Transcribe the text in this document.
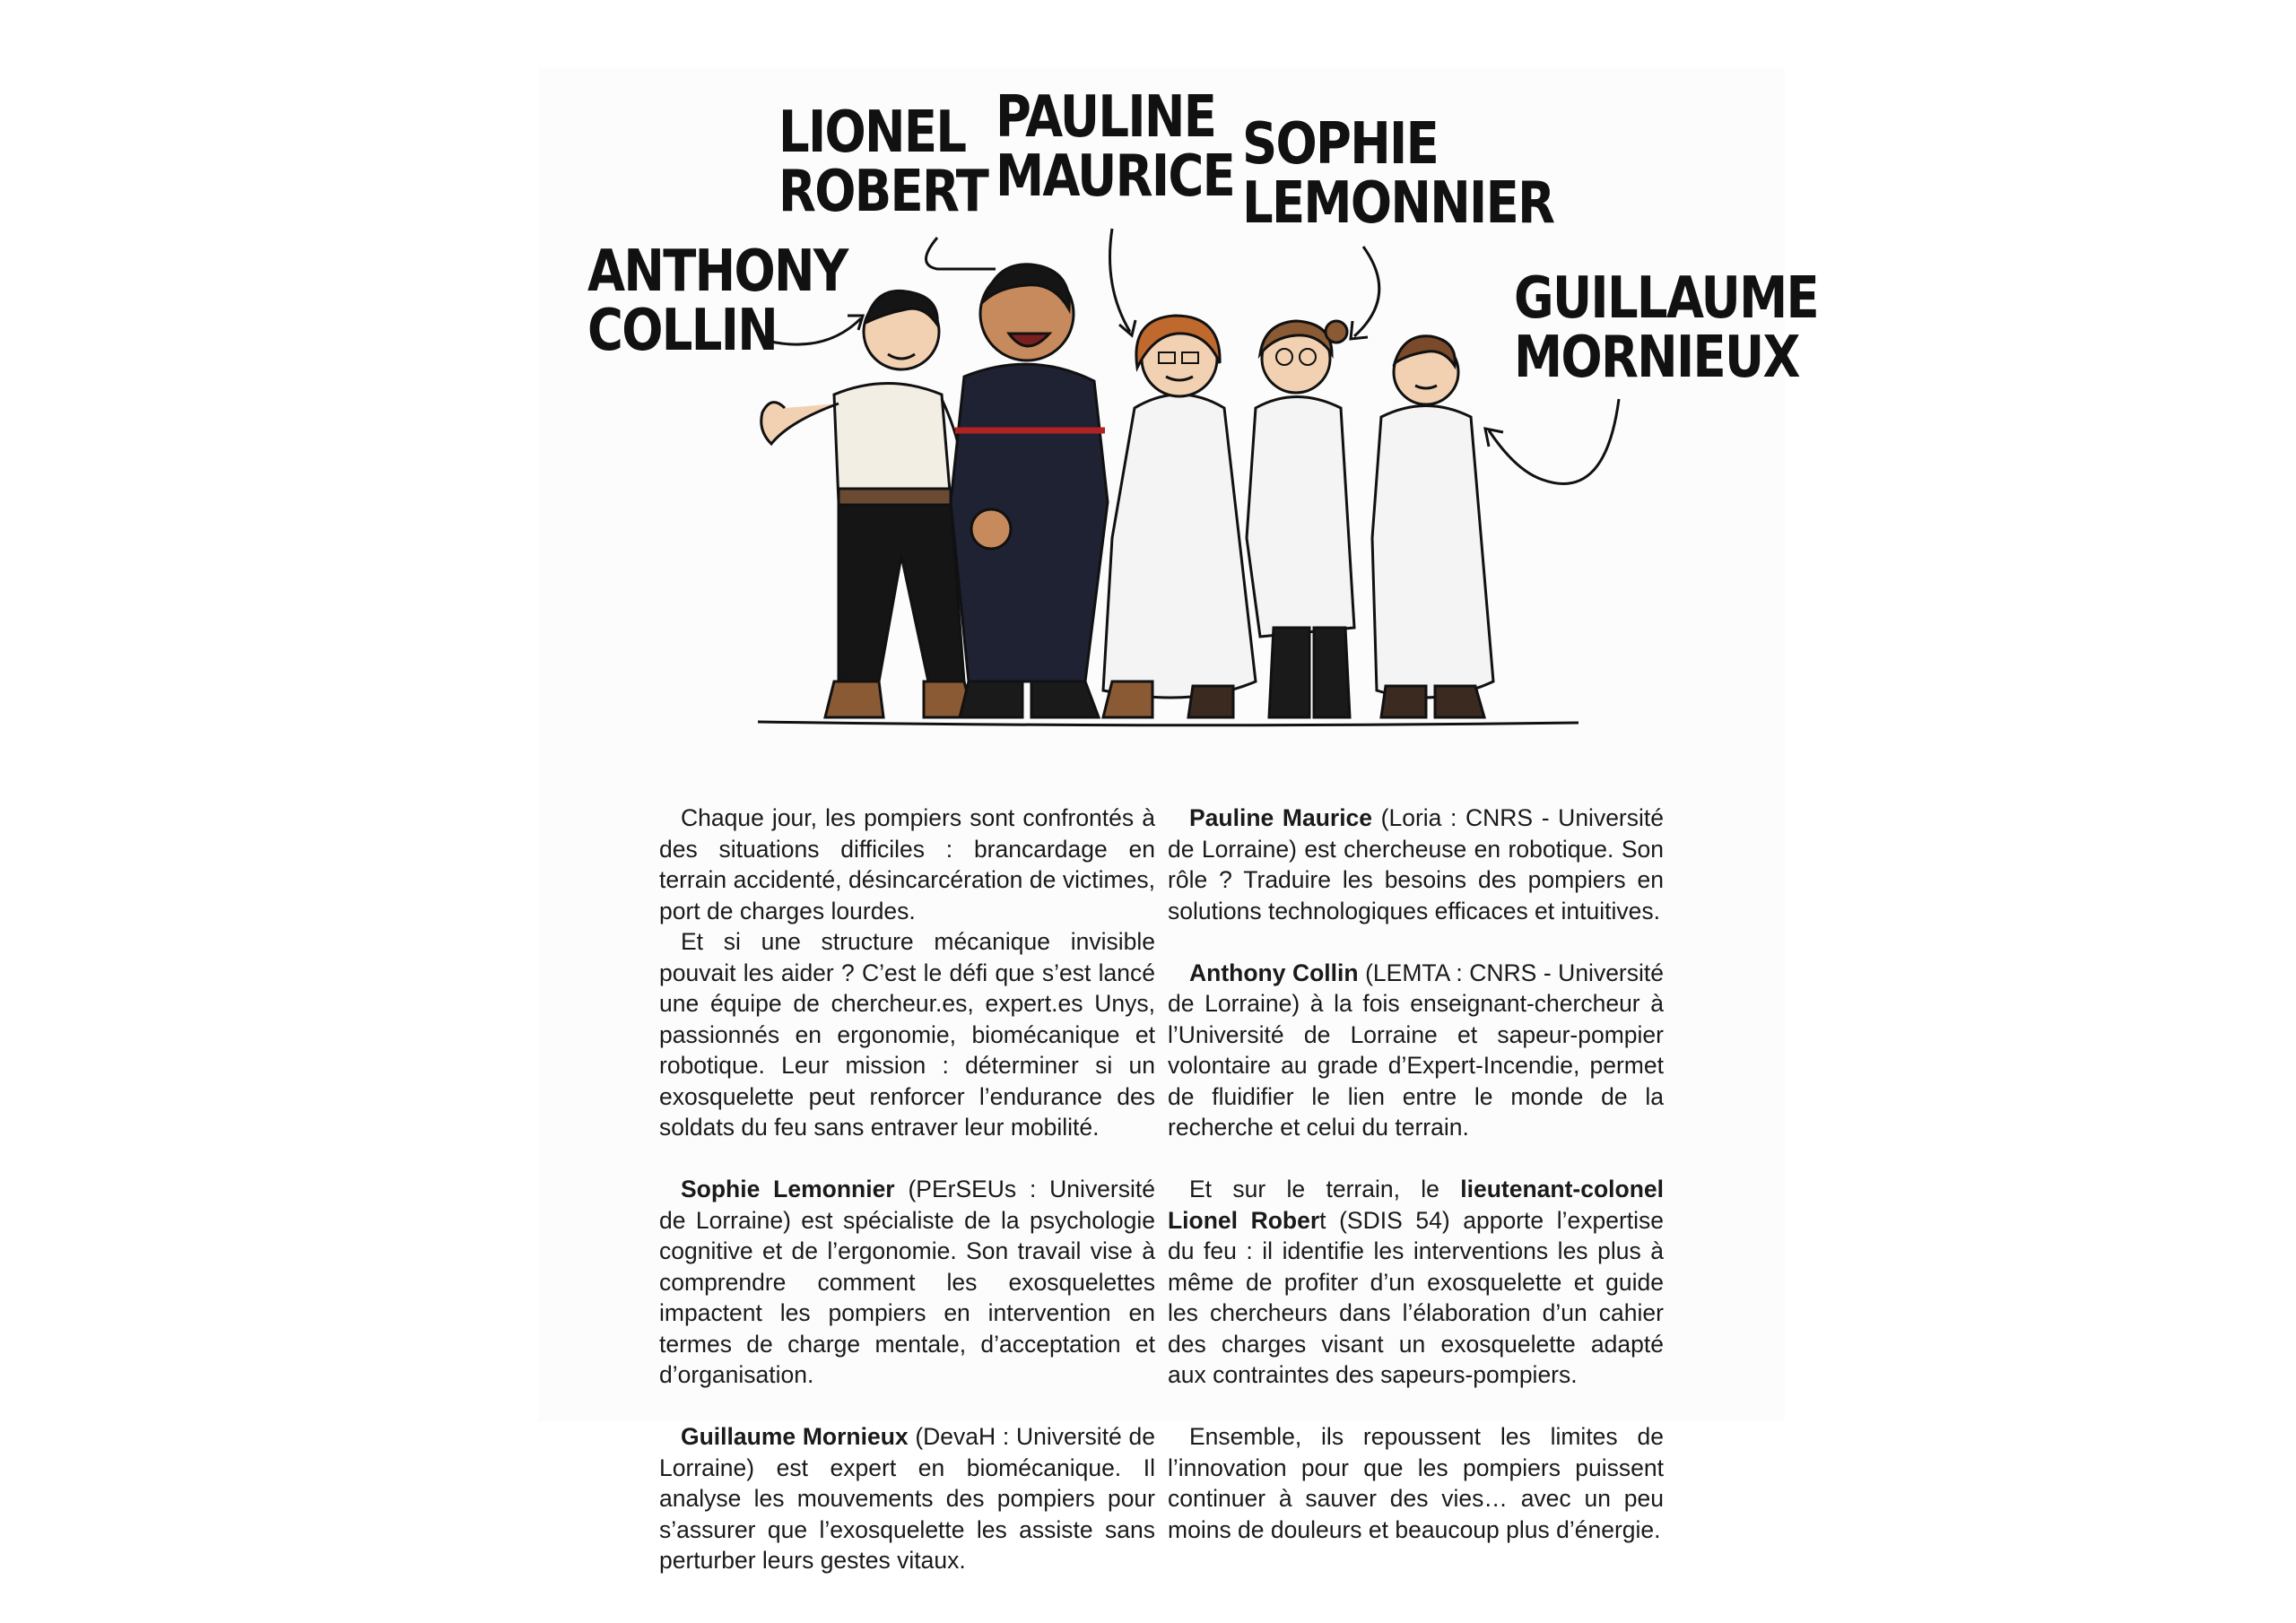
LIONEL
ROBERT
PAULINE
MAURICE SOPHIE
LEMONNIER
ANTHONY
COLLIN	GUILLAUME
MORNIEUX

Chaque jour, les pompiers sont confrontés à des situations difficiles : brancardage en terrain accidenté, désincarcération de victimes, port de charges lourdes.

Et si une structure mécanique invisible pouvait les aider ? C’est le défi que s’est lancé une équipe de chercheur.es, expert.es Unys, passionnés en ergonomie, biomécanique et robotique. Leur mission : déterminer si un exosquelette peut renforcer l’endurance des soldats du feu sans entraver leur mobilité.

Sophie Lemonnier (PErSEUs : Université de Lorraine) est spécialiste de la psychologie cognitive et de l’ergonomie. Son travail vise à comprendre comment les exosquelettes impactent les pompiers en intervention en termes de charge mentale, d’acceptation et d’organisation.

Guillaume Mornieux (DevaH : Université de Lorraine) est expert en biomécanique. Il analyse les mouvements des pompiers pour s’assurer que l’exosquelette les assiste sans perturber leurs gestes vitaux.

Pauline Maurice (Loria : CNRS - Université de Lorraine) est chercheuse en robotique. Son rôle ? Traduire les besoins des pompiers en solutions technologiques efficaces et intuitives.

Anthony Collin (LEMTA : CNRS - Université de Lorraine) à la fois enseignant-chercheur à l’Université de Lorraine et sapeur-pompier volontaire au grade d’Expert-Incendie, permet de fluidifier le lien entre le monde de la recherche et celui du terrain.

Et sur le terrain, le lieutenant-colonel Lionel Robert (SDIS 54) apporte l’expertise du feu : il identifie les interventions les plus à même de profiter d’un exosquelette et guide les chercheurs dans l’élaboration d’un cahier des charges visant un exosquelette adapté aux contraintes des sapeurs-pompiers.

Ensemble, ils repoussent les limites de l’innovation pour que les pompiers puissent continuer à sauver des vies… avec un peu moins de douleurs et beaucoup plus d’énergie.
